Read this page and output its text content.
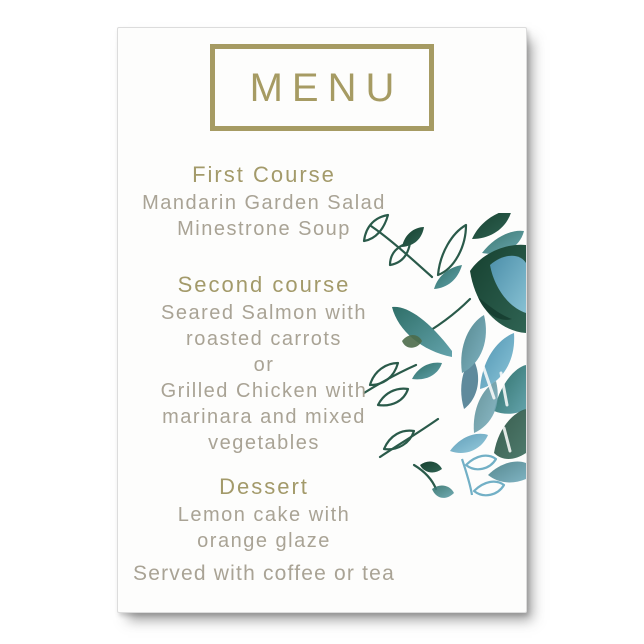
MENU
First Course
Mandarin Garden Salad
Minestrone Soup
Second course
Seared Salmon with
roasted carrots
or
Grilled Chicken with
marinara and mixed
vegetables
Dessert
Lemon cake with
orange glaze
Served with coffee or tea
